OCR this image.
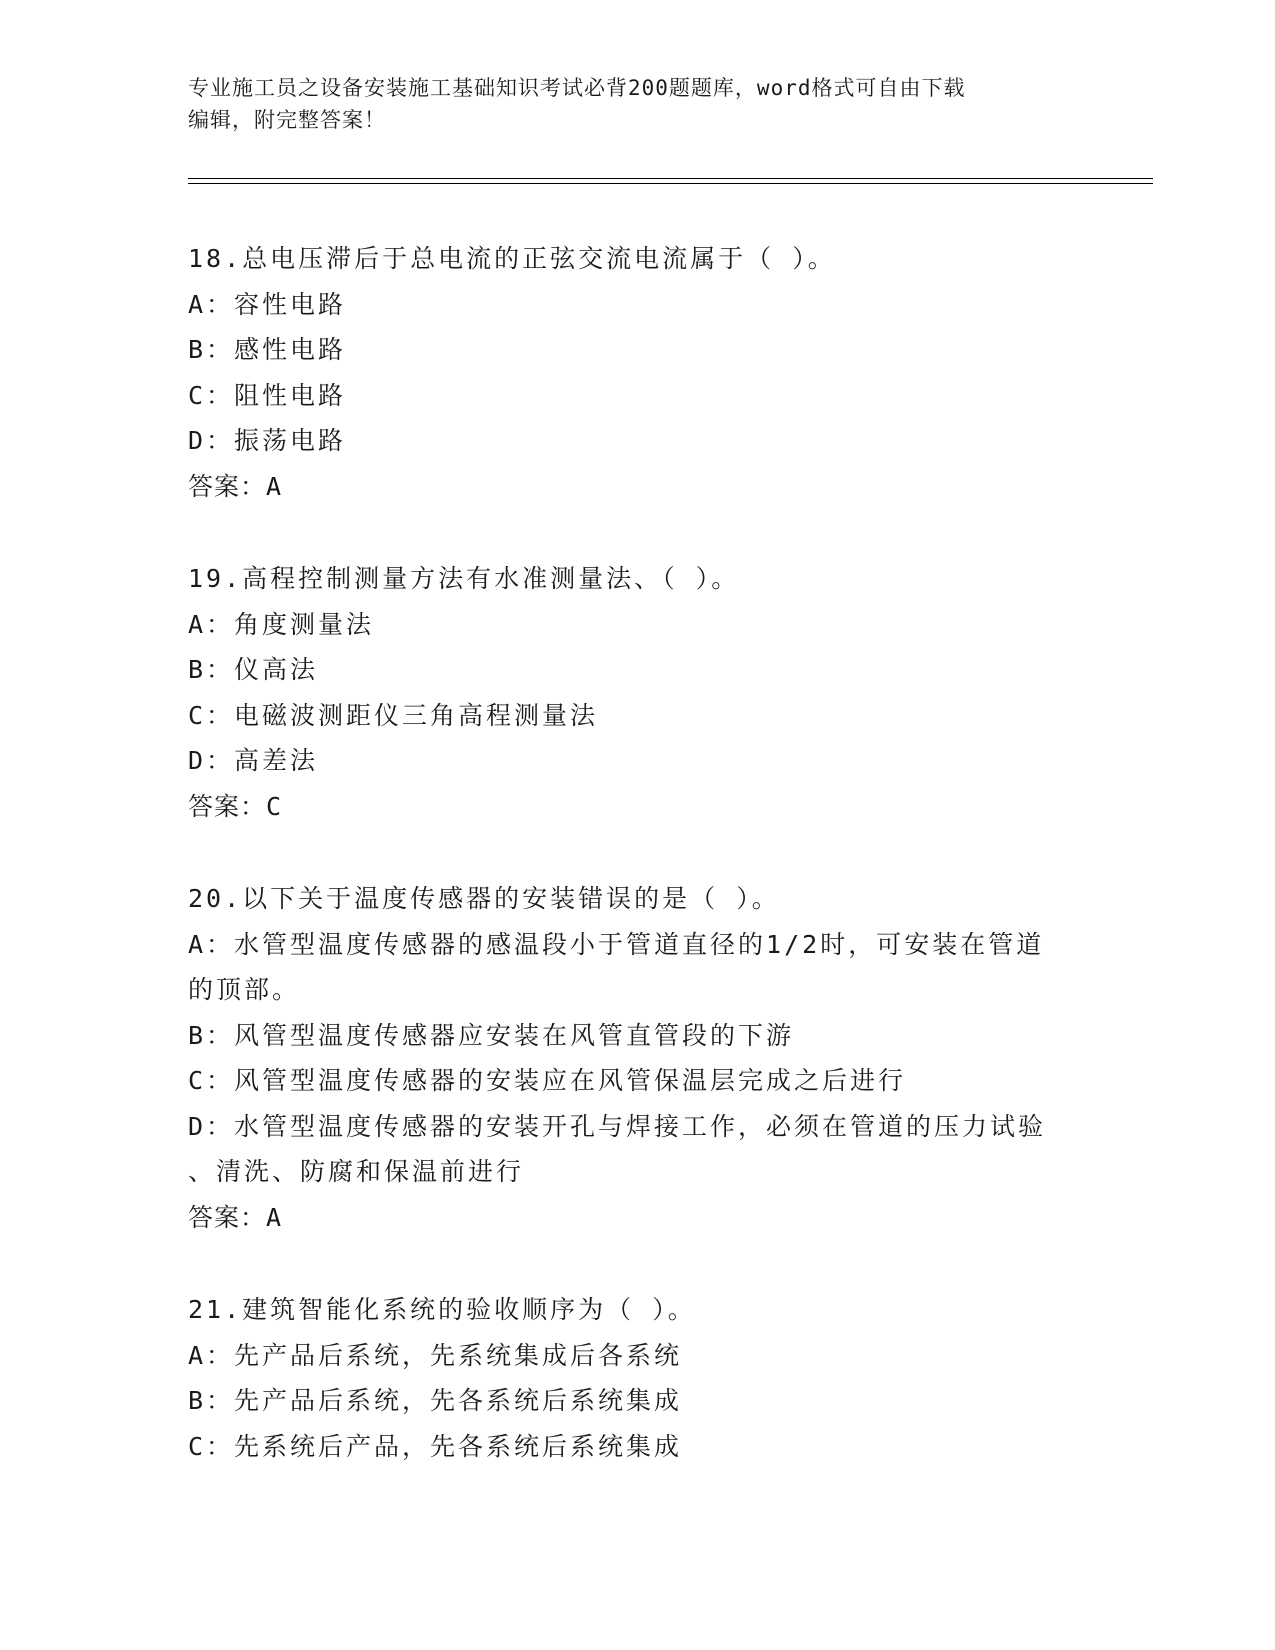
专业施工员之设备安装施工基础知识考试必背200题题库，word格式可自由下载
编辑，附完整答案！
18.总电压滞后于总电流的正弦交流电流属于（ ）。
A：容性电路
B：感性电路
C：阻性电路
D：振荡电路
答案：A
19.高程控制测量方法有水准测量法、（ ）。
A：角度测量法
B：仪高法
C：电磁波测距仪三角高程测量法
D：高差法
答案：C
20.以下关于温度传感器的安装错误的是（ ）。
A：水管型温度传感器的感温段小于管道直径的1/2时，可安装在管道
的顶部。
B：风管型温度传感器应安装在风管直管段的下游
C：风管型温度传感器的安装应在风管保温层完成之后进行
D：水管型温度传感器的安装开孔与焊接工作，必须在管道的压力试验
、清洗、防腐和保温前进行
答案：A
21.建筑智能化系统的验收顺序为（ ）。
A：先产品后系统，先系统集成后各系统
B：先产品后系统，先各系统后系统集成
C：先系统后产品，先各系统后系统集成
